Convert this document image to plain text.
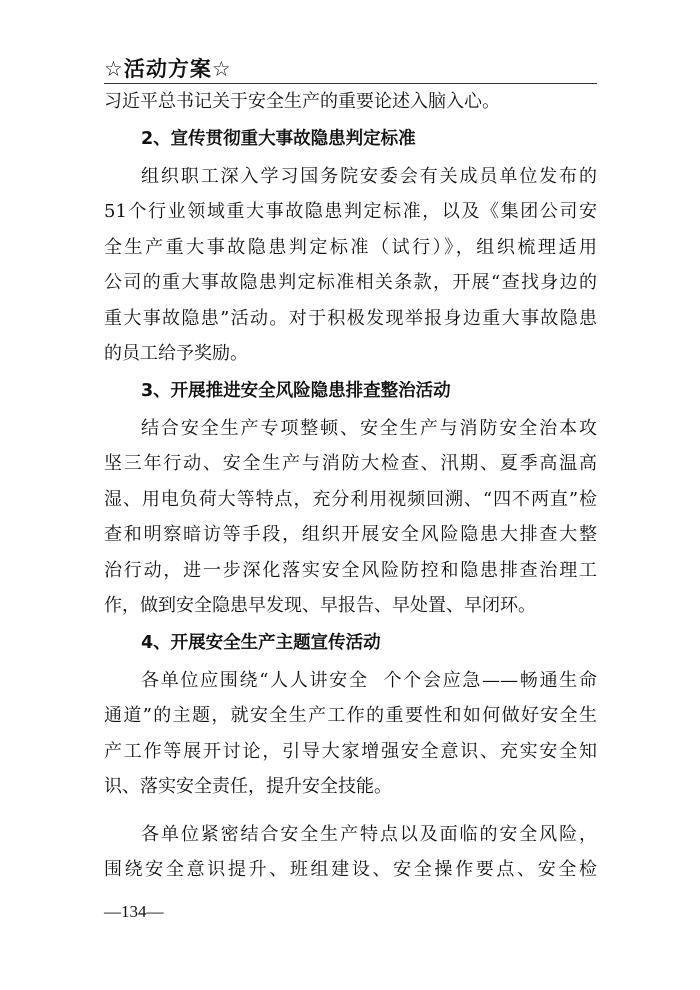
☆活动方案☆
习近平总书记关于安全生产的重要论述入脑入心。
2、宣传贯彻重大事故隐患判定标准
组织职工深入学习国务院安委会有关成员单位发布的
51个行业领域重大事故隐患判定标准，以及《集团公司安
全生产重大事故隐患判定标准（试行）》，组织梳理适用
公司的重大事故隐患判定标准相关条款，开展“查找身边的
重大事故隐患”活动。对于积极发现举报身边重大事故隐患
的员工给予奖励。
3、开展推进安全风险隐患排查整治活动
结合安全生产专项整顿、安全生产与消防安全治本攻
坚三年行动、安全生产与消防大检查、汛期、夏季高温高
湿、用电负荷大等特点，充分利用视频回溯、“四不两直”检
查和明察暗访等手段，组织开展安全风险隐患大排查大整
治行动，进一步深化落实安全风险防控和隐患排查治理工
作，做到安全隐患早发现、早报告、早处置、早闭环。
4、开展安全生产主题宣传活动
各单位应围绕“人人讲安全  个个会应急——畅通生命
通道”的主题，就安全生产工作的重要性和如何做好安全生
产工作等展开讨论，引导大家增强安全意识、充实安全知
识、落实安全责任，提升安全技能。
各单位紧密结合安全生产特点以及面临的安全风险，
围绕安全意识提升、班组建设、安全操作要点、安全检
—134—
